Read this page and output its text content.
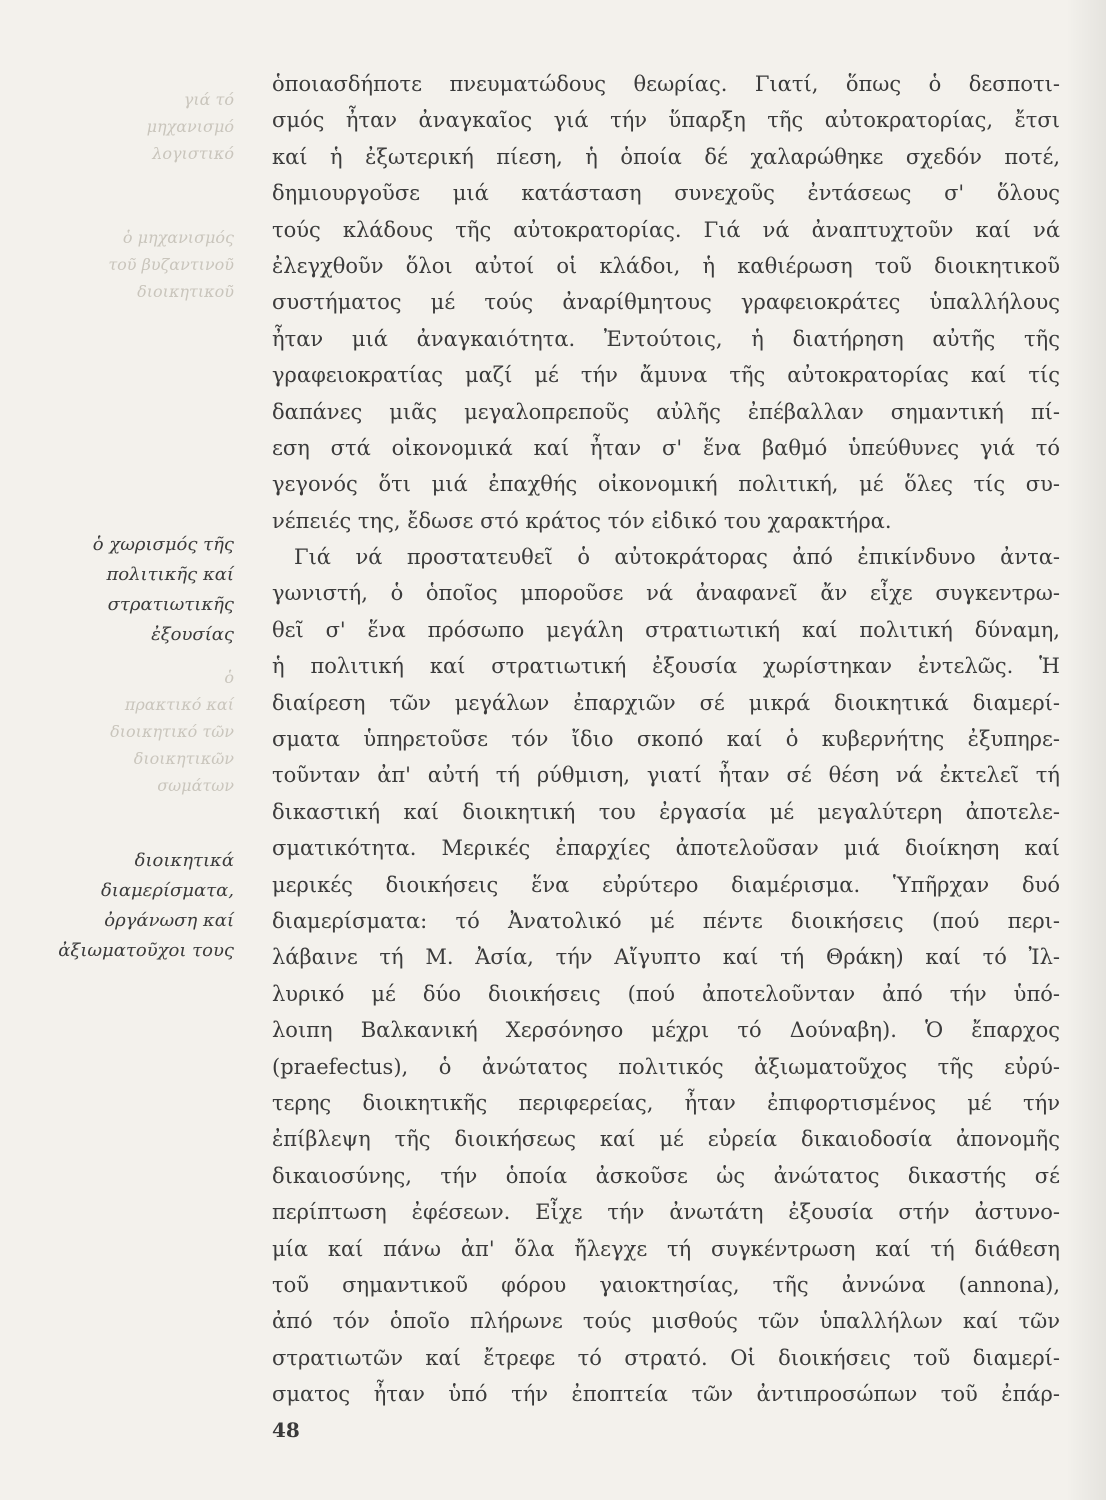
γιά τό
μηχανισμό
λογιστικό
ὁ μηχανισμός
τοῦ βυζαντινοῦ
διοικητικοῦ
ὁ
πρακτικό καί
διοικητικό τῶν
διοικητικῶν
σωμάτων
ὁ χωρισμός τῆς
πολιτικῆς καί
στρατιωτικῆς
ἐξουσίας
διοικητικά
διαμερίσματα,
ὀργάνωση καί
ἀξιωματοῦχοι τους
ὁποιασδήποτε πνευματώδους θεωρίας. Γιατί, ὅπως ὁ δεσποτι-
σμός ἦταν ἀναγκαῖος γιά τήν ὕπαρξη τῆς αὐτοκρατορίας, ἔτσι
καί ἡ ἐξωτερική πίεση, ἡ ὁποία δέ χαλαρώθηκε σχεδόν ποτέ,
δημιουργοῦσε μιά κατάσταση συνεχοῦς ἐντάσεως σ' ὅλους
τούς κλάδους τῆς αὐτοκρατορίας. Γιά νά ἀναπτυχτοῦν καί νά
ἐλεγχθοῦν ὅλοι αὐτοί οἱ κλάδοι, ἡ καθιέρωση τοῦ διοικητικοῦ
συστήματος μέ τούς ἀναρίθμητους γραφειοκράτες ὑπαλλήλους
ἦταν μιά ἀναγκαιότητα. Ἐντούτοις, ἡ διατήρηση αὐτῆς τῆς
γραφειοκρατίας μαζί μέ τήν ἄμυνα τῆς αὐτοκρατορίας καί τίς
δαπάνες μιᾶς μεγαλοπρεποῦς αὐλῆς ἐπέβαλλαν σημαντική πί-
εση στά οἰκονομικά καί ἦταν σ' ἕνα βαθμό ὑπεύθυνες γιά τό
γεγονός ὅτι μιά ἐπαχθής οἰκονομική πολιτική, μέ ὅλες τίς συ-
νέπειές της, ἔδωσε στό κράτος τόν εἰδικό του χαρακτήρα.
Γιά νά προστατευθεῖ ὁ αὐτοκράτορας ἀπό ἐπικίνδυνο ἀντα-
γωνιστή, ὁ ὁποῖος μποροῦσε νά ἀναφανεῖ ἄν εἶχε συγκεντρω-
θεῖ σ' ἕνα πρόσωπο μεγάλη στρατιωτική καί πολιτική δύναμη,
ἡ πολιτική καί στρατιωτική ἐξουσία χωρίστηκαν ἐντελῶς. Ἡ
διαίρεση τῶν μεγάλων ἐπαρχιῶν σέ μικρά διοικητικά διαμερί-
σματα ὑπηρετοῦσε τόν ἴδιο σκοπό καί ὁ κυβερνήτης ἐξυπηρε-
τοῦνταν ἀπ' αὐτή τή ρύθμιση, γιατί ἦταν σέ θέση νά ἐκτελεῖ τή
δικαστική καί διοικητική του ἐργασία μέ μεγαλύτερη ἀποτελε-
σματικότητα. Μερικές ἐπαρχίες ἀποτελοῦσαν μιά διοίκηση καί
μερικές διοικήσεις ἕνα εὐρύτερο διαμέρισμα. Ὑπῆρχαν δυό
διαμερίσματα: τό Ἀνατολικό μέ πέντε διοικήσεις (πού περι-
λάβαινε τή Μ. Ἀσία, τήν Αἴγυπτο καί τή Θράκη) καί τό Ἰλ-
λυρικό μέ δύο διοικήσεις (πού ἀποτελοῦνταν ἀπό τήν ὑπό-
λοιπη Βαλκανική Χερσόνησο μέχρι τό Δούναβη). Ὁ ἔπαρχος
(praefectus), ὁ ἀνώτατος πολιτικός ἀξιωματοῦχος τῆς εὐρύ-
τερης διοικητικῆς περιφερείας, ἦταν ἐπιφορτισμένος μέ τήν
ἐπίβλεψη τῆς διοικήσεως καί μέ εὐρεία δικαιοδοσία ἀπονομῆς
δικαιοσύνης, τήν ὁποία ἀσκοῦσε ὡς ἀνώτατος δικαστής σέ
περίπτωση ἐφέσεων. Εἶχε τήν ἀνωτάτη ἐξουσία στήν ἀστυνο-
μία καί πάνω ἀπ' ὅλα ἤλεγχε τή συγκέντρωση καί τή διάθεση
τοῦ σημαντικοῦ φόρου γαιοκτησίας, τῆς ἀννώνα (annona),
ἀπό τόν ὁποῖο πλήρωνε τούς μισθούς τῶν ὑπαλλήλων καί τῶν
στρατιωτῶν καί ἔτρεφε τό στρατό. Οἱ διοικήσεις τοῦ διαμερί-
σματος ἦταν ὑπό τήν ἐποπτεία τῶν ἀντιπροσώπων τοῦ ἐπάρ-
48
